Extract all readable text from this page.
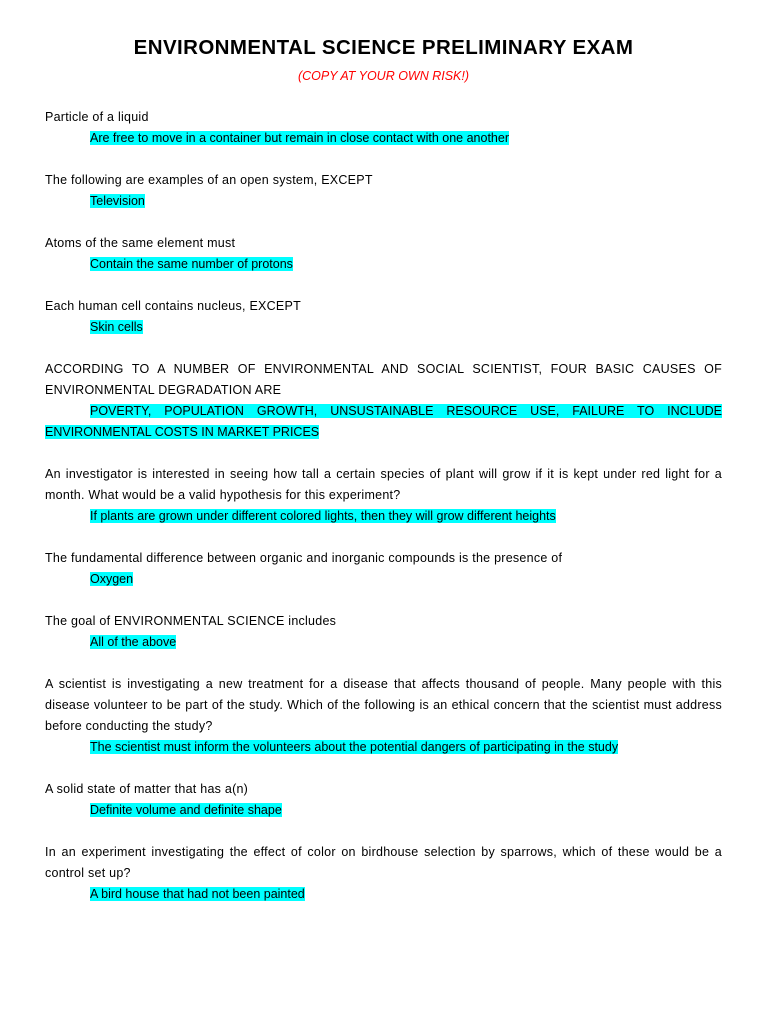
ENVIRONMENTAL SCIENCE PRELIMINARY EXAM

(COPY AT YOUR OWN RISK!)

Particle of a liquid

Are free to move in a container but remain in close contact with one another

The following are examples of an open system, EXCEPT

Television

Atoms of the same element must

Contain the same number of protons

Each human cell contains nucleus, EXCEPT

Skin cells

ACCORDING TO A NUMBER OF ENVIRONMENTAL AND SOCIAL SCIENTIST, FOUR BASIC CAUSES OF ENVIRONMENTAL DEGRADATION ARE

POVERTY, POPULATION GROWTH, UNSUSTAINABLE RESOURCE USE, FAILURE TO INCLUDE ENVIRONMENTAL COSTS IN MARKET PRICES

An investigator is interested in seeing how tall a certain species of plant will grow if it is kept under red light for a month. What would be a valid hypothesis for this experiment?

If plants are grown under different colored lights, then they will grow different heights

The fundamental difference between organic and inorganic compounds is the presence of

Oxygen

The goal of ENVIRONMENTAL SCIENCE includes

All of the above

A scientist is investigating a new treatment for a disease that affects thousand of people. Many people with this disease volunteer to be part of the study. Which of the following is an ethical concern that the scientist must address before conducting the study?

The scientist must inform the volunteers about the potential dangers of participating in the study

A solid state of matter that has a(n)

Definite volume and definite shape

In an experiment investigating the effect of color on birdhouse selection by sparrows, which of these would be a control set up?

A bird house that had not been painted
